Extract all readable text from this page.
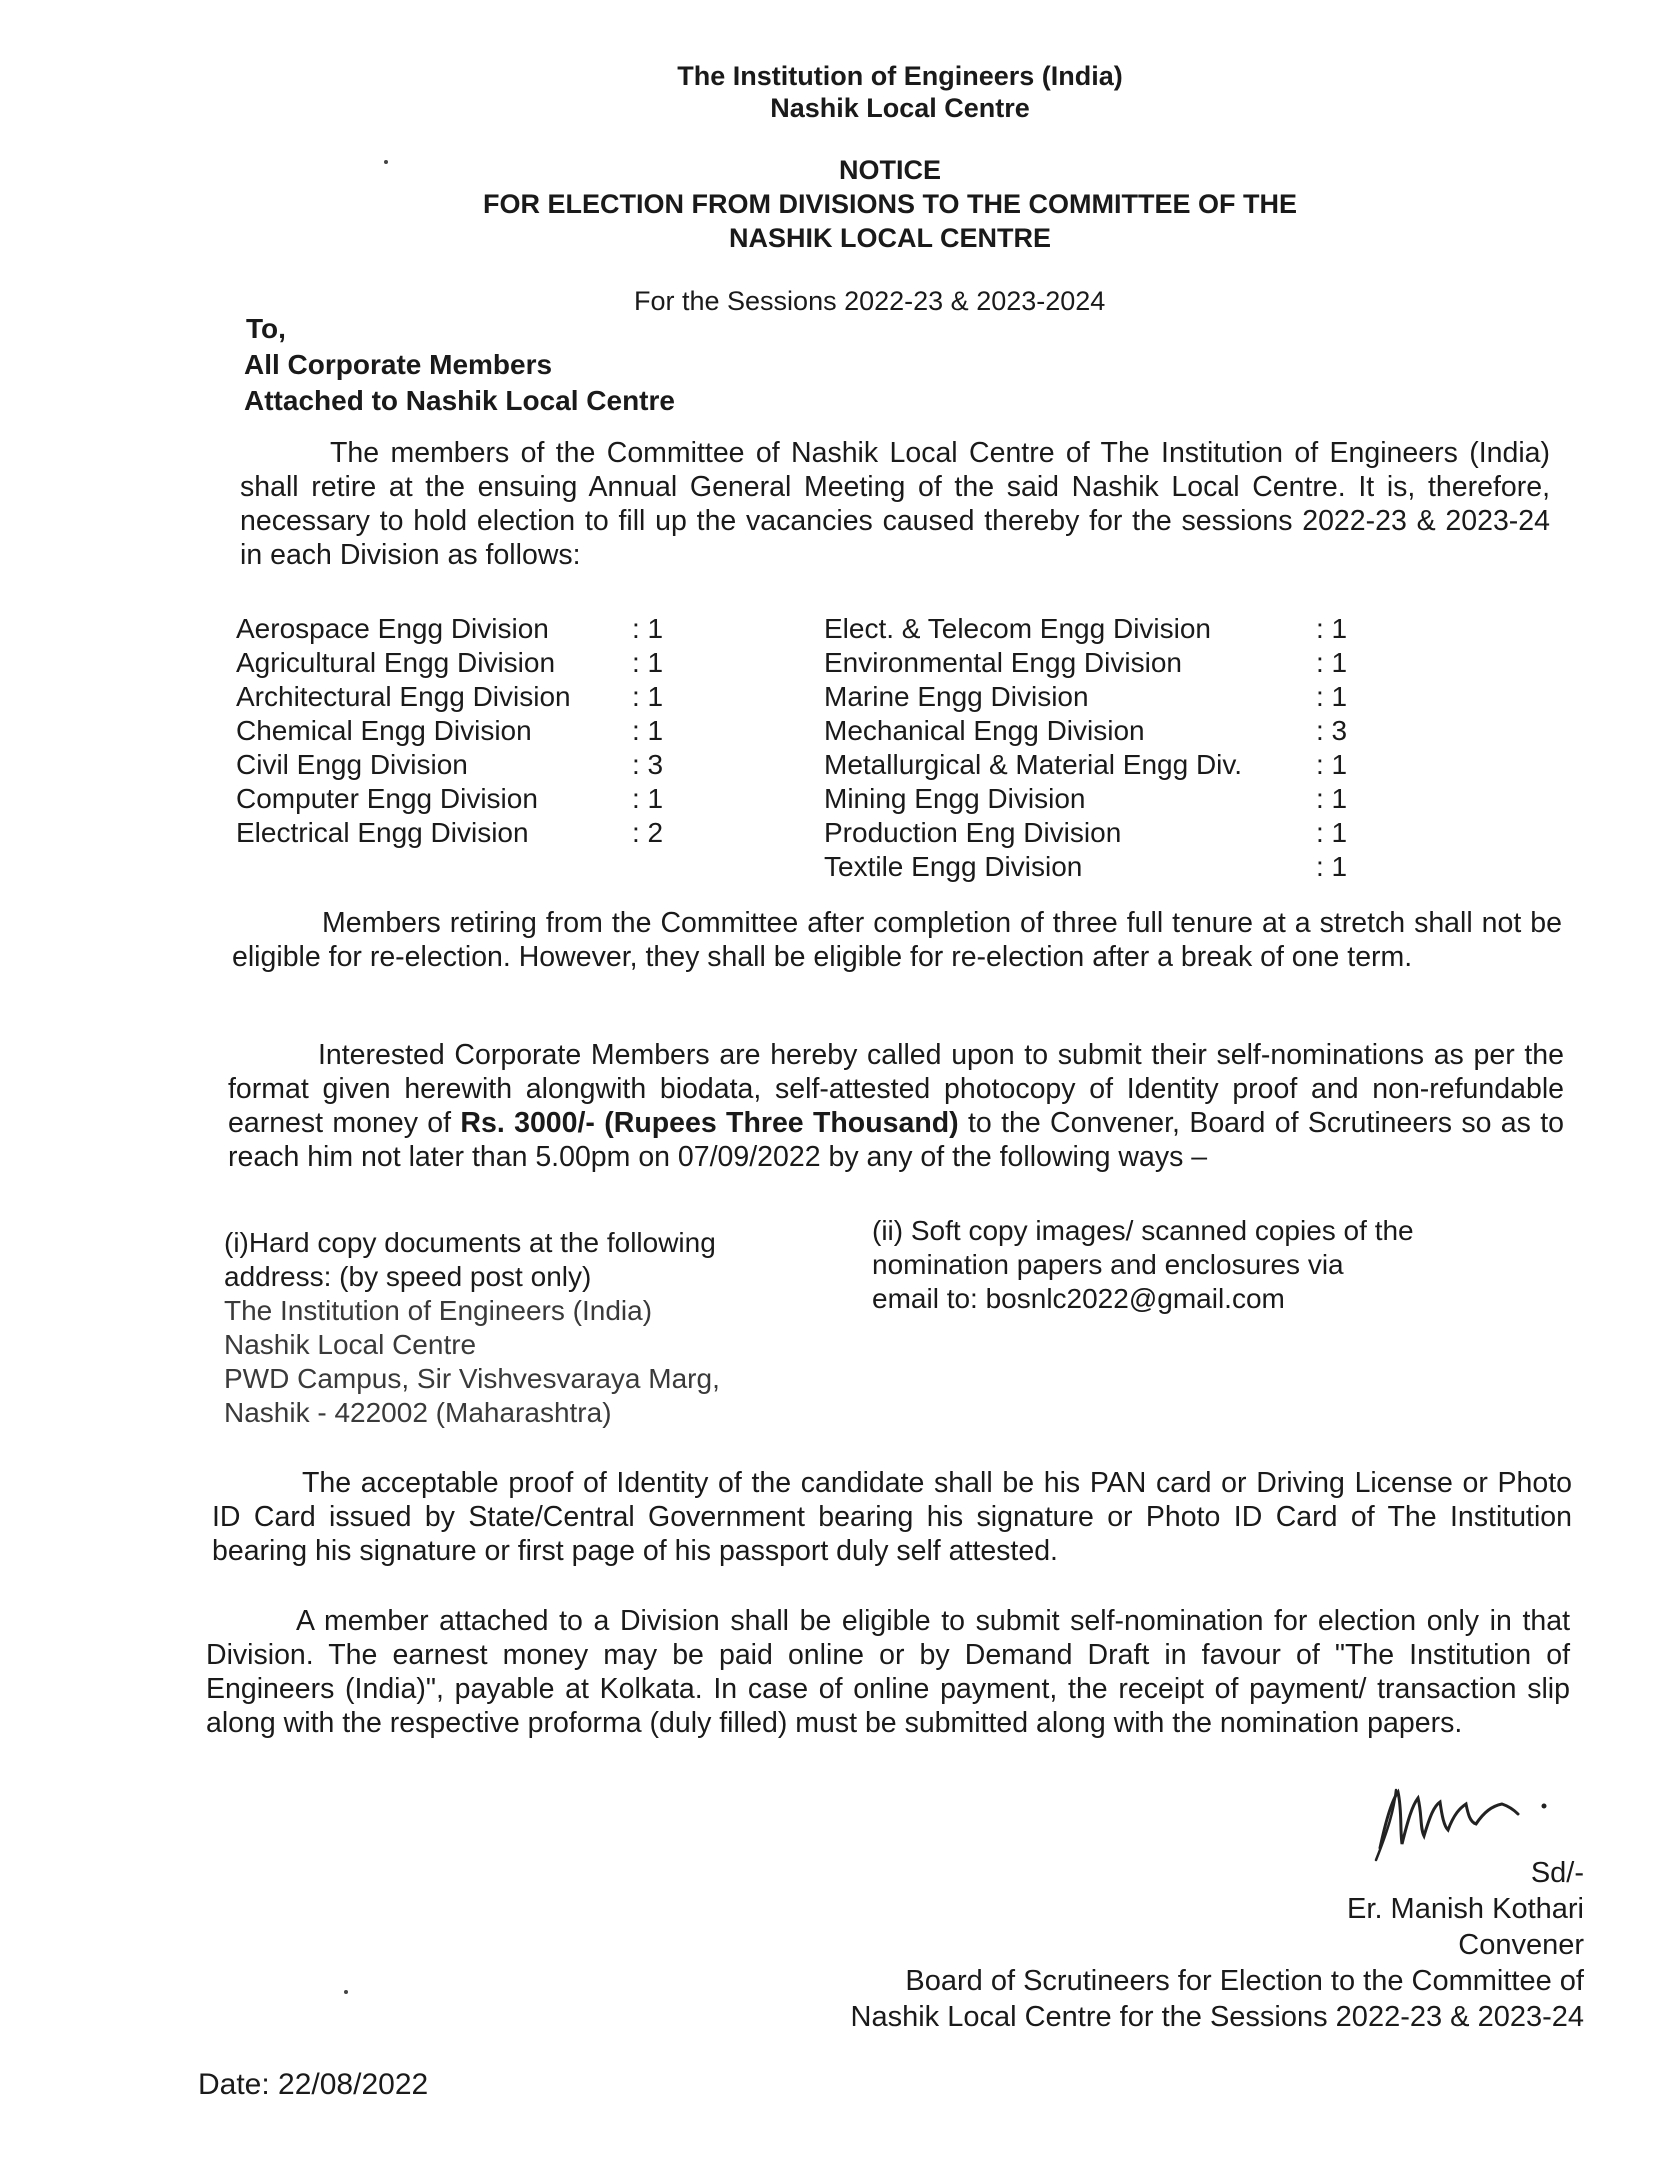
The Institution of Engineers (India)
Nashik Local Centre
NOTICE
FOR ELECTION FROM DIVISIONS TO THE COMMITTEE OF THE
NASHIK LOCAL CENTRE
For the Sessions 2022-23 & 2023-2024
To,
All Corporate Members
Attached to Nashik Local Centre
The members of the Committee of Nashik Local Centre of The Institution of Engineers (India) shall retire at the ensuing Annual General Meeting of the said Nashik Local Centre. It is, therefore, necessary to hold election to fill up the vacancies caused thereby for the sessions 2022-23 & 2023-24 in each Division as follows:
Aerospace Engg Division	: 1
Agricultural Engg Division	: 1
Architectural Engg Division : 1
Chemical Engg Division	: 1
Civil Engg Division	: 3
Computer Engg Division	: 1
Electrical Engg Division	: 2
Elect. & Telecom Engg Division	: 1
Environmental Engg Division	: 1
Marine Engg Division	: 1
Mechanical Engg Division	: 3
Metallurgical & Material Engg Div.	: 1
Mining Engg Division	: 1
Production Eng Division	: 1
Textile Engg Division	: 1
Members retiring from the Committee after completion of three full tenure at a stretch shall not be eligible for re-election. However, they shall be eligible for re-election after a break of one term.
Interested Corporate Members are hereby called upon to submit their self-nominations as per the format given herewith alongwith biodata, self-attested photocopy of Identity proof and non-refundable earnest money of Rs. 3000/- (Rupees Three Thousand) to the Convener, Board of Scrutineers so as to reach him not later than 5.00pm on 07/09/2022 by any of the following ways –
(i)Hard copy documents at the following
address: (by speed post only)
The Institution of Engineers (India)
Nashik Local Centre
PWD Campus, Sir Vishvesvaraya Marg,
Nashik - 422002 (Maharashtra)
(ii) Soft copy images/ scanned copies of the
nomination papers and enclosures via
email to: bosnlc2022@gmail.com
The acceptable proof of Identity of the candidate shall be his PAN card or Driving License or Photo ID Card issued by State/Central Government bearing his signature or Photo ID Card of The Institution bearing his signature or first page of his passport duly self attested.
A member attached to a Division shall be eligible to submit self-nomination for election only in that Division. The earnest money may be paid online or by Demand Draft in favour of "The Institution of Engineers (India)", payable at Kolkata. In case of online payment, the receipt of payment/ transaction slip along with the respective proforma (duly filled) must be submitted along with the nomination papers.
Sd/-
Er. Manish Kothari
Convener
Board of Scrutineers for Election to the Committee of
Nashik Local Centre for the Sessions 2022-23 & 2023-24
Date: 22/08/2022
